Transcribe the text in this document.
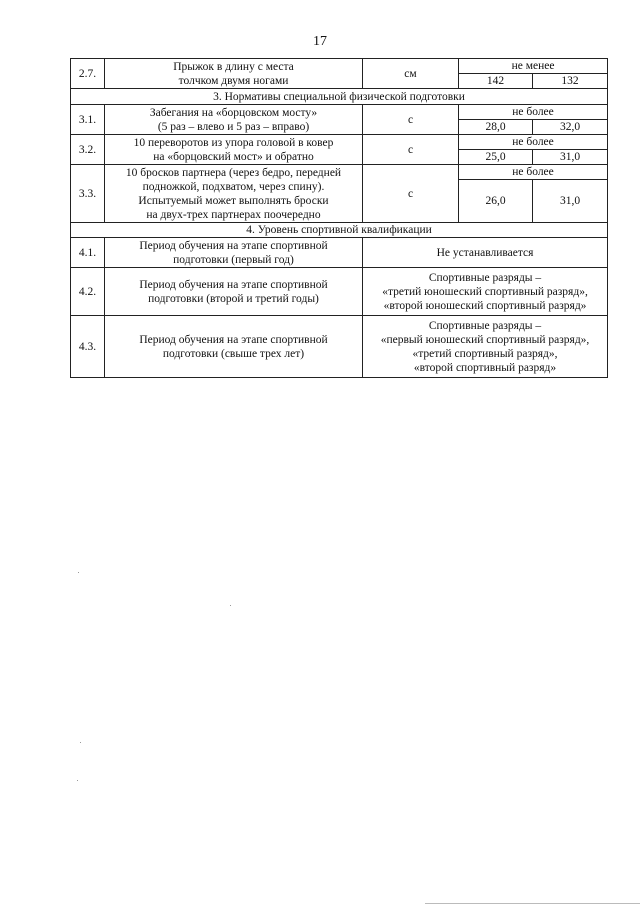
17
2.7.	Прыжок в длину с места
толчком двумя ногами	см	не менее	
			142	132
3. Нормативы специальной физической подготовки				
3.1.	Забегания на «борцовском мосту»
(5 раз – влево и 5 раз – вправо)	с	не более	
			28,0	32,0
3.2.	10 переворотов из упора головой в ковер
на «борцовский мост» и обратно	с	не более	
			25,0	31,0
3.3.	10 бросков партнера (через бедро, передней
подножкой, подхватом, через спину).
Испытуемый может выполнять броски
на двух-трех партнерах поочередно	с	не более	
			26,0	31,0
4. Уровень спортивной квалификации				
4.1.	Период обучения на этапе спортивной
подготовки (первый год)	Не устанавливается		

4.2.	Период обучения на этапе спортивной
подготовки (второй и третий годы)	Спортивные разряды –
«третий юношеский спортивный разряд»,
«второй юношеский спортивный разряд»		

4.3.	Период обучения на этапе спортивной
подготовки (свыше трех лет)	Спортивные разряды –
«первый юношеский спортивный разряд»,
«третий спортивный разряд»,
«второй спортивный разряд»		
